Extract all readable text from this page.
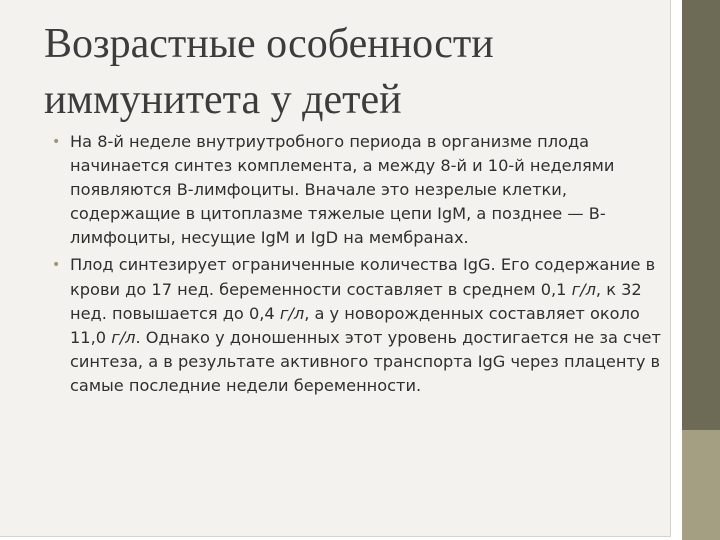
Возрастные особенности
иммунитета у детей
• На 8-й неделе внутриутробного периода в организме плода начинается синтез комплемента, а между 8-й и 10-й неделями появляются В-лимфоциты. Вначале это незрелые клетки, содержащие в цитоплазме тяжелые цепи IgM, а позднее — В-лимфоциты, несущие IgM и IgD на мембранах.
• Плод синтезирует ограниченные количества IgG. Его содержание в крови до 17 нед. беременности составляет в среднем 0,1 г/л, к 32 нед. повышается до 0,4 г/л, а у новорожденных составляет около 11,0 г/л. Однако у доношенных этот уровень достигается не за счет синтеза, а в результате активного транспорта IgG через плаценту в самые последние недели беременности.
